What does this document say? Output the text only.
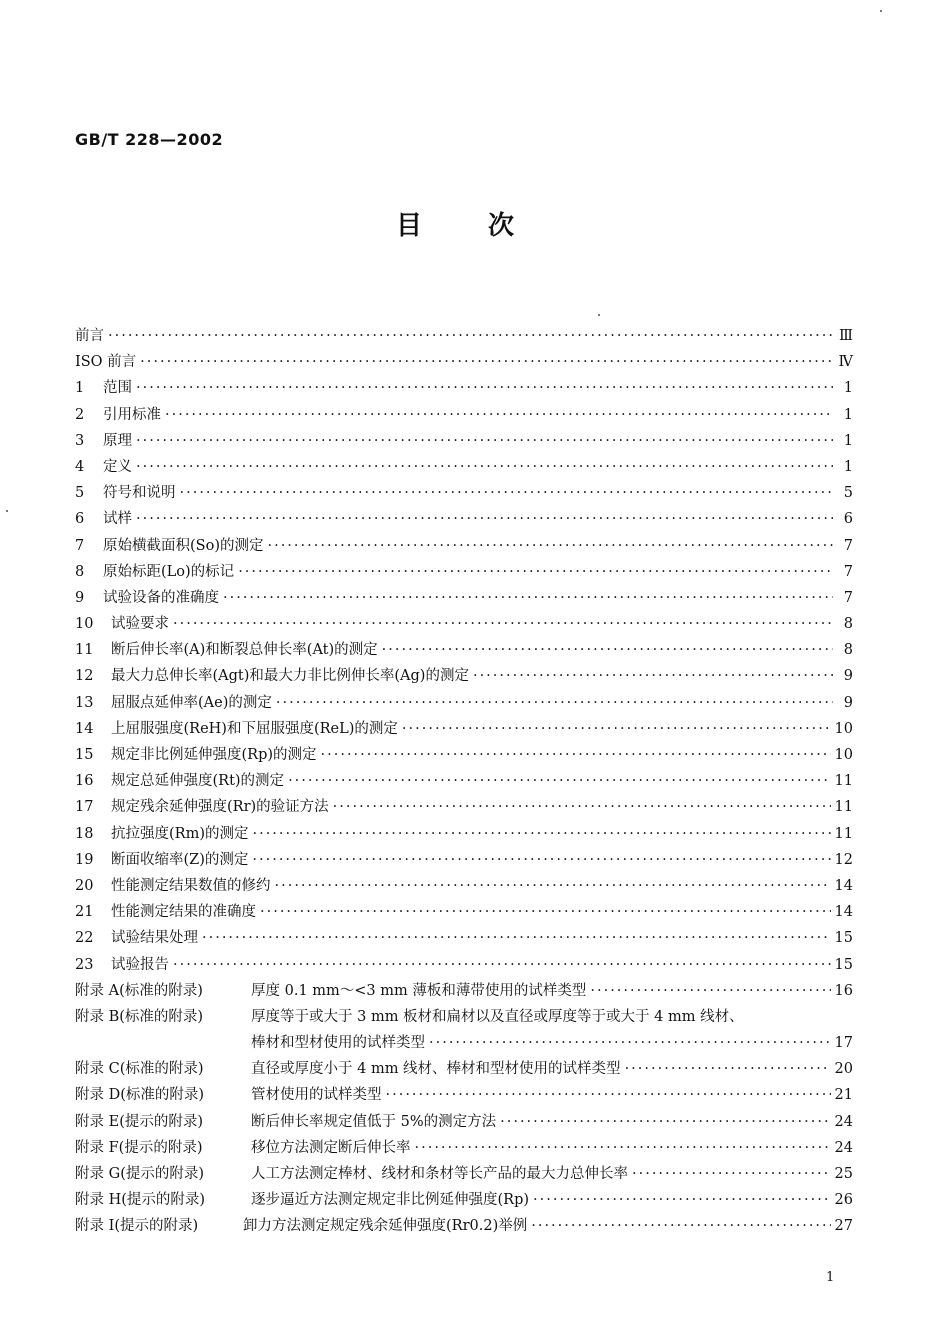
GB/T 228—2002
目	次
前言 ·····	Ⅲ
ISO 前言 ·····	Ⅳ
1	范围 ·····	1
2	引用标准 ·····	1
3	原理 ·····	1
4	定义 ·····	1
5	符号和说明 ·····	5
6	试样 ·····	6
7	原始横截面积(So)的测定 ·····	7
8	原始标距(Lo)的标记 ·····	7
9	试验设备的准确度 ·····	7
10	试验要求 ·····	8
11	断后伸长率(A)和断裂总伸长率(At)的测定 ·····	8
12	最大力总伸长率(Agt)和最大力非比例伸长率(Ag)的测定 ·····	9
13	屈服点延伸率(Ae)的测定 ·····	9
14	上屈服强度(ReH)和下屈服强度(ReL)的测定 ·····	10
15	规定非比例延伸强度(Rp)的测定 ·····	10
16	规定总延伸强度(Rt)的测定 ·····	11
17	规定残余延伸强度(Rr)的验证方法 ·····	11
18	抗拉强度(Rm)的测定 ·····	11
19	断面收缩率(Z)的测定 ·····	12
20	性能测定结果数值的修约 ·····	14
21	性能测定结果的准确度 ·····	14
22	试验结果处理 ·····	15
23	试验报告 ·····	15
附录 A(标准的附录)	厚度 0.1 mm～<3 mm 薄板和薄带使用的试样类型 ·····	16
附录 B(标准的附录)	厚度等于或大于 3 mm 板材和扁材以及直径或厚度等于或大于 4 mm 线材、
棒材和型材使用的试样类型 ·····	17
附录 C(标准的附录)	直径或厚度小于 4 mm 线材、棒材和型材使用的试样类型 ·····	20
附录 D(标准的附录)	管材使用的试样类型 ·····	21
附录 E(提示的附录)	断后伸长率规定值低于 5%的测定方法 ·····	24
附录 F(提示的附录)	移位方法测定断后伸长率 ·····	24
附录 G(提示的附录)	人工方法测定棒材、线材和条材等长产品的最大力总伸长率 ·····	25
附录 H(提示的附录)	逐步逼近方法测定规定非比例延伸强度(Rp) ·····	26
附录 I(提示的附录)	卸力方法测定规定残余延伸强度(Rr0.2)举例 ·····	27
1
